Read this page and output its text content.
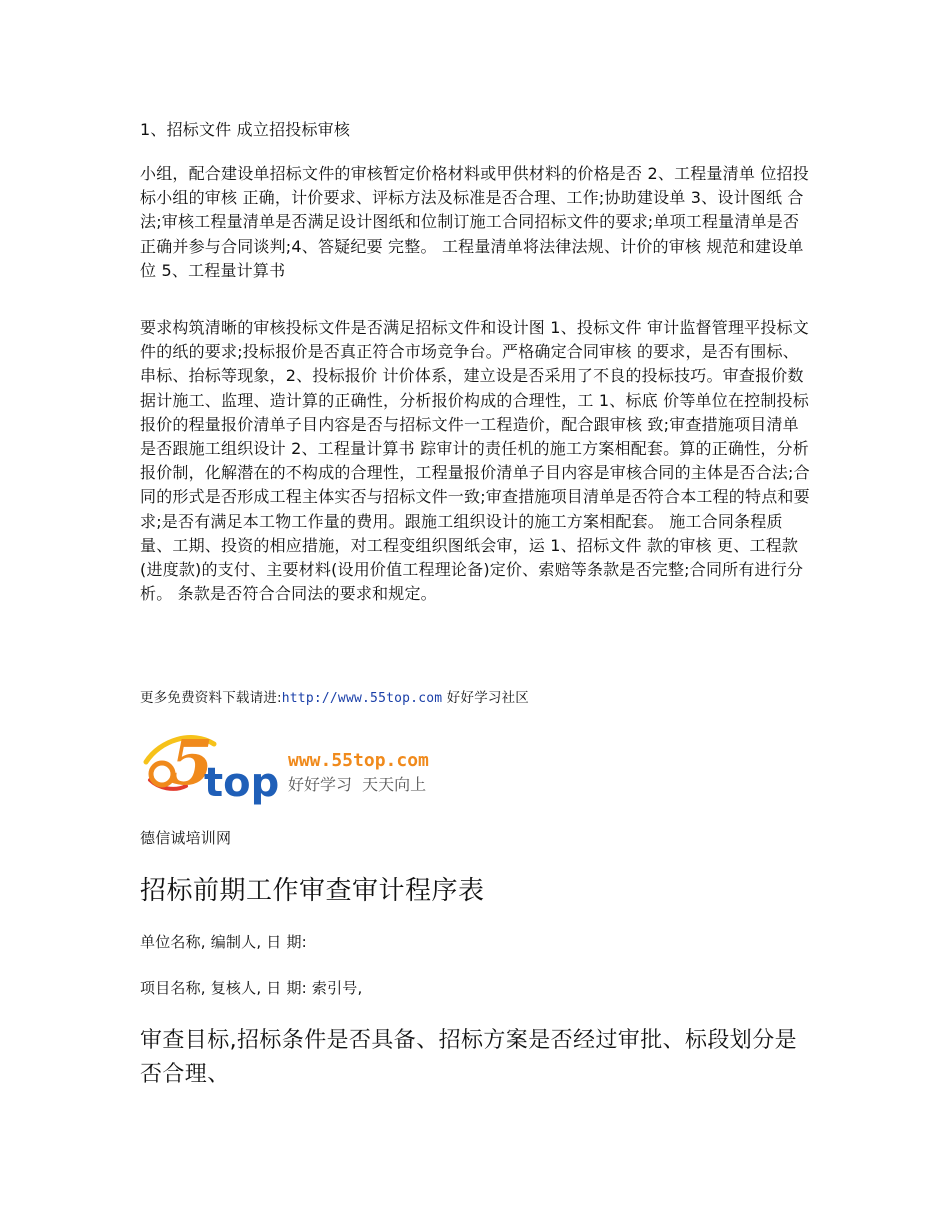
1、招标文件 成立招投标审核

小组，配合建设单招标文件的审核暂定价格材料或甲供材料的价格是否 2、工程量清单 位招投标小组的审核 正确，计价要求、评标方法及标准是否合理、工作;协助建设单 3、设计图纸 合法;审核工程量清单是否满足设计图纸和位制订施工合同招标文件的要求;单项工程量清单是否正确并参与合同谈判;4、答疑纪要 完整。 工程量清单将法律法规、计价的审核 规范和建设单位 5、工程量计算书

要求构筑清晰的审核投标文件是否满足招标文件和设计图 1、投标文件 审计监督管理平投标文件的纸的要求;投标报价是否真正符合市场竞争台。严格确定合同审核 的要求，是否有围标、串标、抬标等现象，2、投标报价 计价体系，建立设是否采用了不良的投标技巧。审查报价数据计施工、监理、造计算的正确性，分析报价构成的合理性，工 1、标底 价等单位在控制投标报价的程量报价清单子目内容是否与招标文件一工程造价，配合跟审核 致;审查措施项目清单是否跟施工组织设计 2、工程量计算书 踪审计的责任机的施工方案相配套。算的正确性，分析报价制，化解潜在的不构成的合理性，工程量报价清单子目内容是审核合同的主体是否合法;合同的形式是否形成工程主体实否与招标文件一致;审查措施项目清单是否符合本工程的特点和要求;是否有满足本工物工作量的费用。跟施工组织设计的施工方案相配套。 施工合同条程质量、工期、投资的相应措施，对工程变组织图纸会审，运 1、招标文件 款的审核 更、工程款(进度款)的支付、主要材料(设用价值工程理论备)定价、索赔等条款是否完整;合同所有进行分析。 条款是否符合合同法的要求和规定。

更多免费资料下载请进:http://www.55top.com 好好学习社区

5
top www.55top.com
好好学习  天天向上

德信诚培训网

招标前期工作审查审计程序表

单位名称, 编制人, 日 期:

项目名称, 复核人, 日 期: 索引号,

审查目标,招标条件是否具备、招标方案是否经过审批、标段划分是否合理、
